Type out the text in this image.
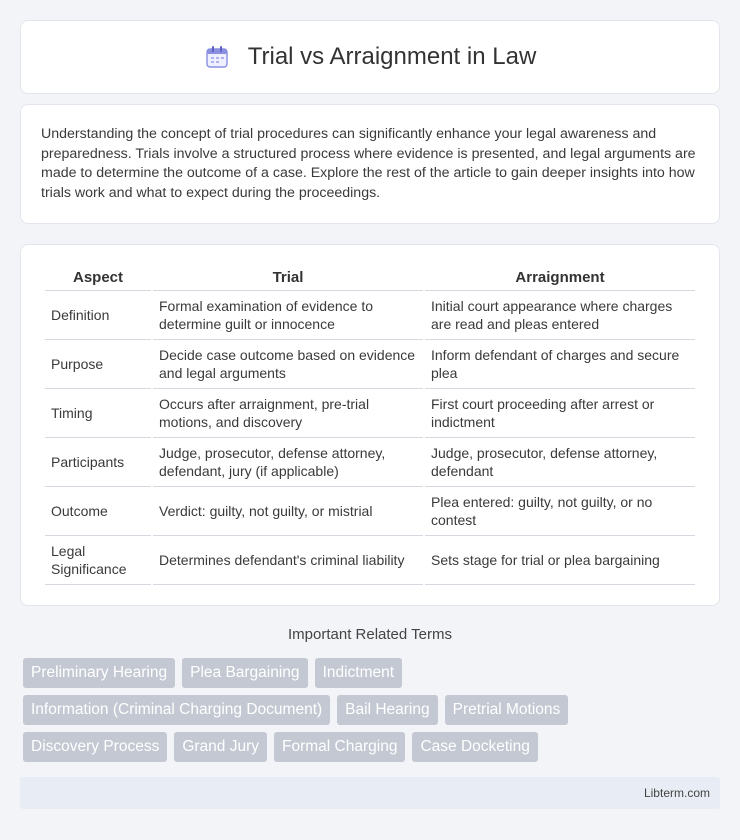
Trial vs Arraignment in Law

Understanding the concept of trial procedures can significantly enhance your legal awareness and preparedness. Trials involve a structured process where evidence is presented, and legal arguments are made to determine the outcome of a case. Explore the rest of the article to gain deeper insights into how trials work and what to expect during the proceedings.

Aspect	Trial	Arraignment
Definition	Formal examination of evidence to determine guilt or innocence	Initial court appearance where charges are read and pleas entered
Purpose	Decide case outcome based on evidence and legal arguments	Inform defendant of charges and secure plea
Timing	Occurs after arraignment, pre-trial motions, and discovery	First court proceeding after arrest or indictment
Participants	Judge, prosecutor, defense attorney, defendant, jury (if applicable)	Judge, prosecutor, defense attorney, defendant
Outcome	Verdict: guilty, not guilty, or mistrial	Plea entered: guilty, not guilty, or no contest
Legal Significance	Determines defendant's criminal liability	Sets stage for trial or plea bargaining
Important Related Terms
Preliminary Hearing	Plea Bargaining	Indictment
Information (Criminal Charging Document)	Bail Hearing	Pretrial Motions
Discovery Process	Grand Jury	Formal Charging	Case Docketing
Libterm.com
